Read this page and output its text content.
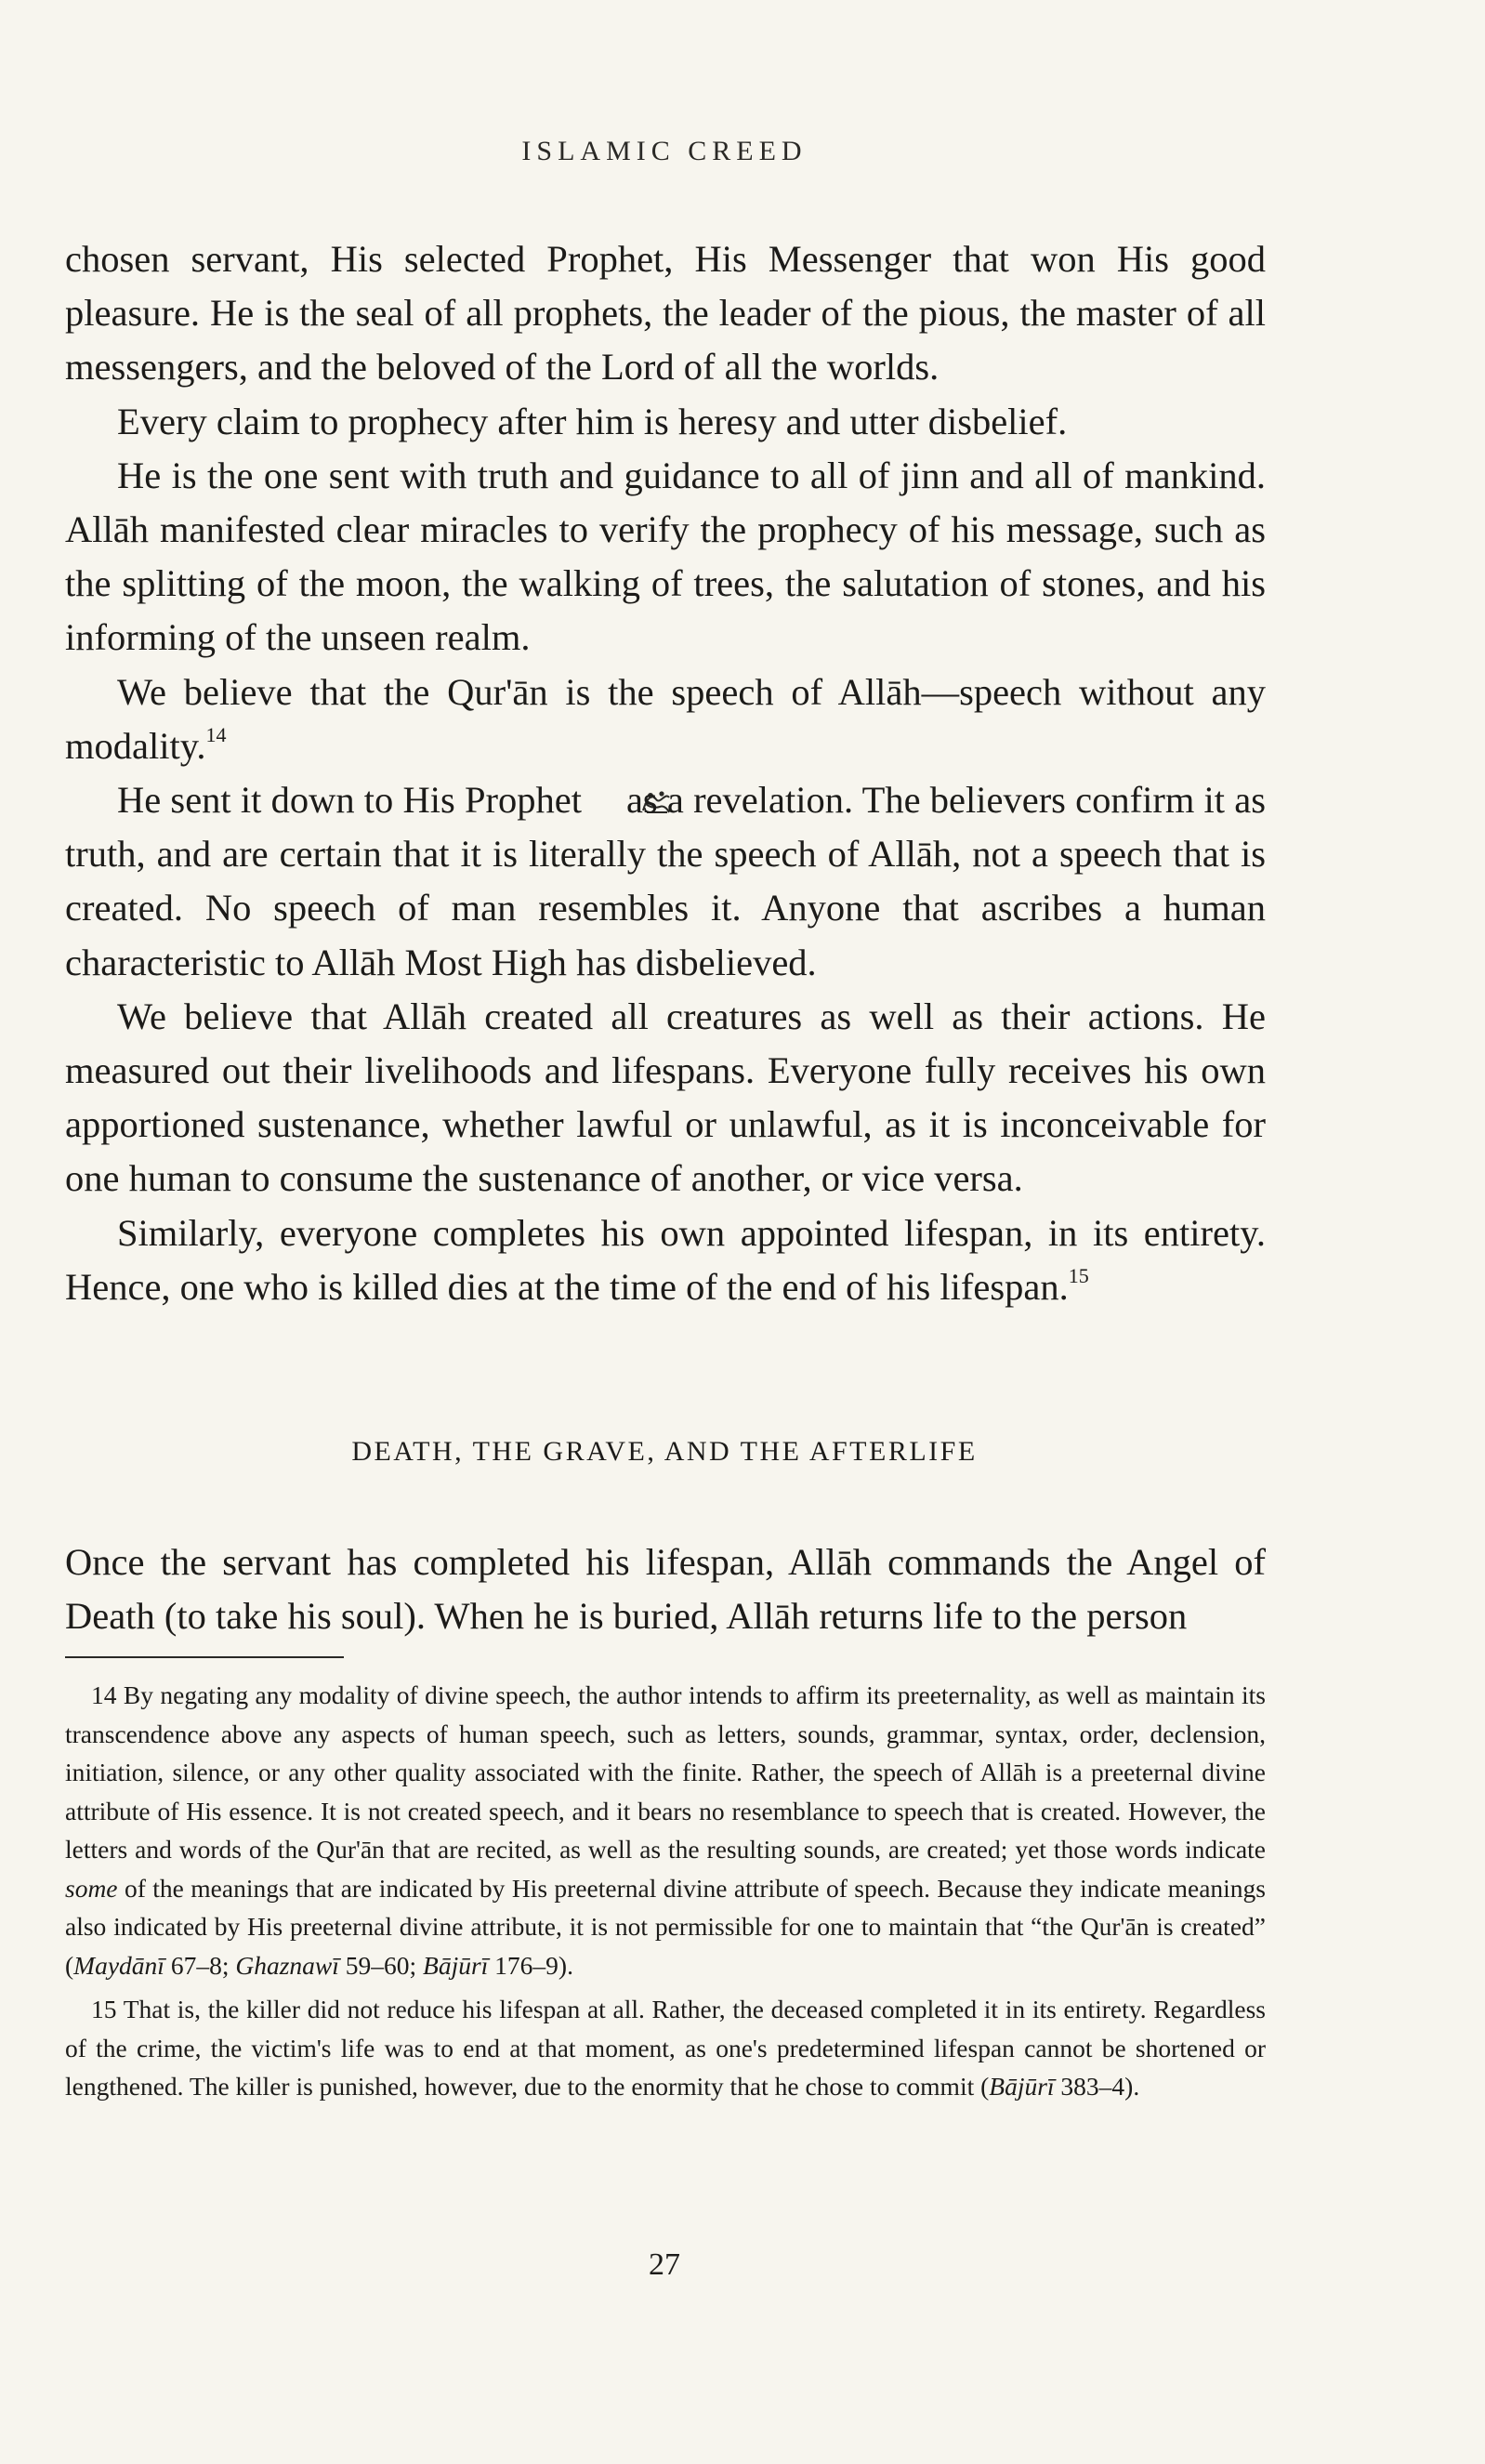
ISLAMIC CREED

chosen servant, His selected Prophet, His Messenger that won His good pleasure. He is the seal of all prophets, the leader of the pious, the master of all messengers, and the beloved of the Lord of all the worlds.

Every claim to prophecy after him is heresy and utter disbelief.

He is the one sent with truth and guidance to all of jinn and all of mankind. Allāh manifested clear miracles to verify the prophecy of his message, such as the splitting of the moon, the walking of trees, the salutation of stones, and his informing of the unseen realm.

We believe that the Qur'ān is the speech of Allāh—speech without any modality.$^{14}$

He sent it down to His Prophet as a revelation. The believers confirm it as truth, and are certain that it is literally the speech of Allāh, not a speech that is created. No speech of man resembles it. Anyone that ascribes a human characteristic to Allāh Most High has disbelieved.

We believe that Allāh created all creatures as well as their actions. He measured out their livelihoods and lifespans. Everyone fully receives his own apportioned sustenance, whether lawful or unlawful, as it is inconceivable for one human to consume the sustenance of another, or vice versa.

Similarly, everyone completes his own appointed lifespan, in its entirety. Hence, one who is killed dies at the time of the end of his lifespan.$^{15}$

DEATH, THE GRAVE, AND THE AFTERLIFE

Once the servant has completed his lifespan, Allāh commands the Angel of Death (to take his soul). When he is buried, Allāh returns life to the person

14 By negating any modality of divine speech, the author intends to affirm its preeternality, as well as maintain its transcendence above any aspects of human speech, such as letters, sounds, grammar, syntax, order, declension, initiation, silence, or any other quality associated with the finite. Rather, the speech of Allāh is a preeternal divine attribute of His essence. It is not created speech, and it bears no resemblance to speech that is created. However, the letters and words of the Qur'ān that are recited, as well as the resulting sounds, are created; yet those words indicate some of the meanings that are indicated by His preeternal divine attribute of speech. Because they indicate meanings also indicated by His preeternal divine attribute, it is not permissible for one to maintain that “the Qur'ān is created” (Maydānī 67–8; Ghaznawī 59–60; Bājūrī 176–9).

15 That is, the killer did not reduce his lifespan at all. Rather, the deceased completed it in its entirety. Regardless of the crime, the victim's life was to end at that moment, as one's predetermined lifespan cannot be shortened or lengthened. The killer is punished, however, due to the enormity that he chose to commit (Bājūrī 383–4).

27
